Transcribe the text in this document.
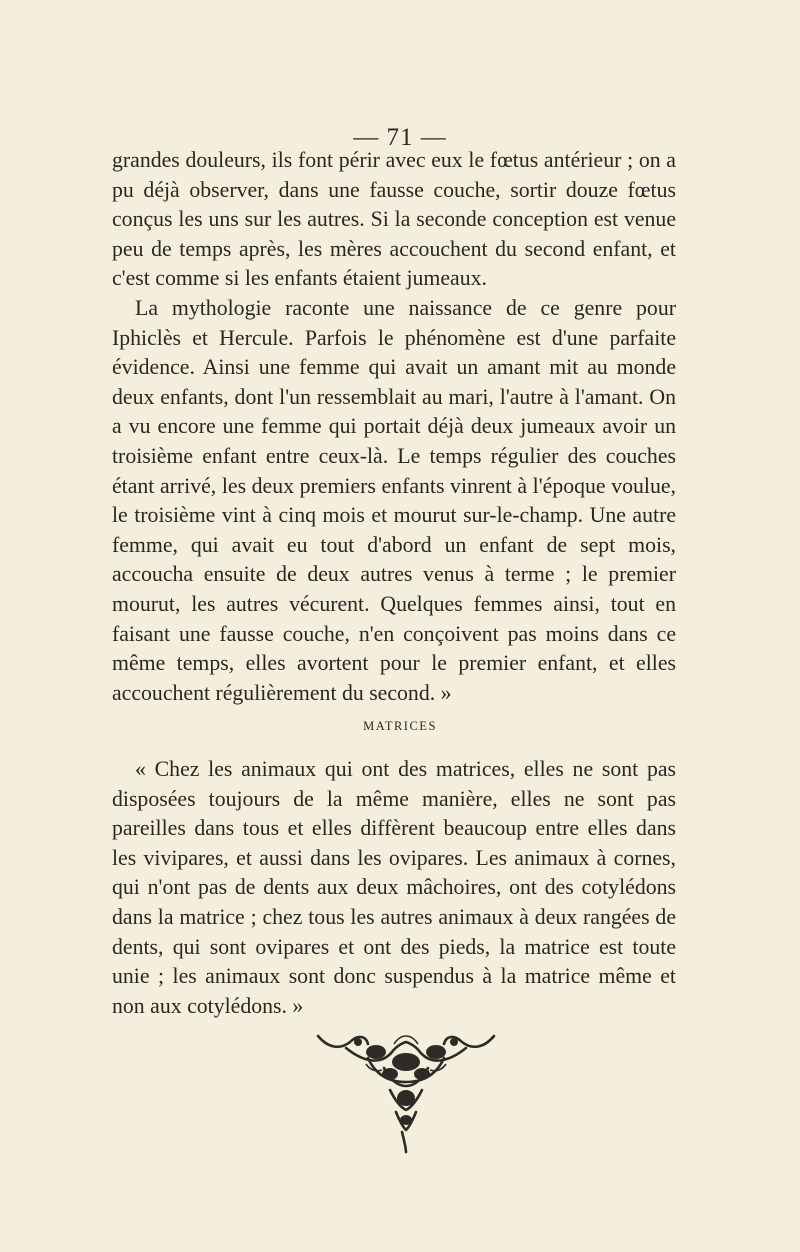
— 71 —

grandes douleurs, ils font périr avec eux le fœtus antérieur ; on a pu déjà observer, dans une fausse couche, sortir douze fœtus conçus les uns sur les autres. Si la seconde conception est venue peu de temps après, les mères accouchent du second enfant, et c'est comme si les enfants étaient jumeaux.

La mythologie raconte une naissance de ce genre pour Iphiclès et Hercule. Parfois le phénomène est d'une parfaite évidence. Ainsi une femme qui avait un amant mit au monde deux enfants, dont l'un ressemblait au mari, l'autre à l'amant. On a vu encore une femme qui portait déjà deux jumeaux avoir un troisième enfant entre ceux-là. Le temps régulier des couches étant arrivé, les deux premiers enfants vinrent à l'époque voulue, le troisième vint à cinq mois et mourut sur-le-champ. Une autre femme, qui avait eu tout d'abord un enfant de sept mois, accoucha ensuite de deux autres venus à terme ; le premier mourut, les autres vécurent. Quelques femmes ainsi, tout en faisant une fausse couche, n'en conçoivent pas moins dans ce même temps, elles avortent pour le premier enfant, et elles accouchent régulièrement du second. »

MATRICES

« Chez les animaux qui ont des matrices, elles ne sont pas disposées toujours de la même manière, elles ne sont pas pareilles dans tous et elles diffèrent beaucoup entre elles dans les vivipares, et aussi dans les ovipares. Les animaux à cornes, qui n'ont pas de dents aux deux mâchoires, ont des cotylédons dans la matrice ; chez tous les autres animaux à deux rangées de dents, qui sont ovipares et ont des pieds, la matrice est toute unie ; les animaux sont donc suspendus à la matrice même et non aux cotylédons. »
